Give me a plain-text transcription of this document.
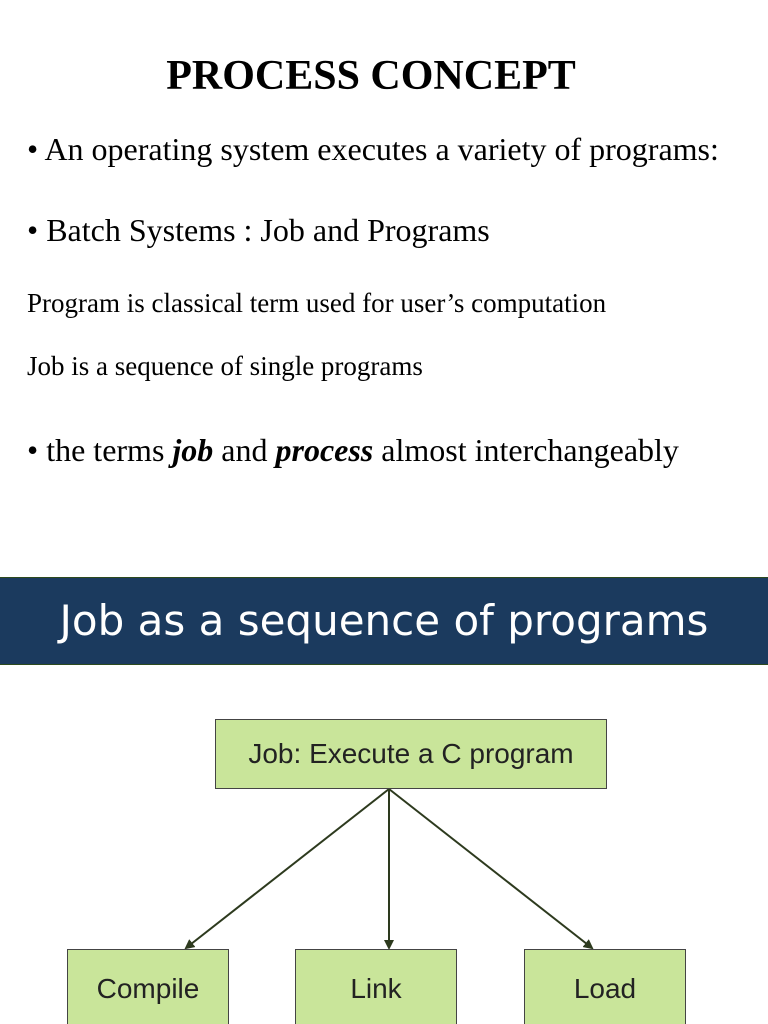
PROCESS CONCEPT
• An operating system executes a variety of programs:
• Batch Systems : Job and Programs
Program is classical term used for user’s computation
Job is a sequence of single programs
• the terms job and process almost interchangeably
Job as a sequence of programs
Job: Execute a C program
Compile	Link	Load
